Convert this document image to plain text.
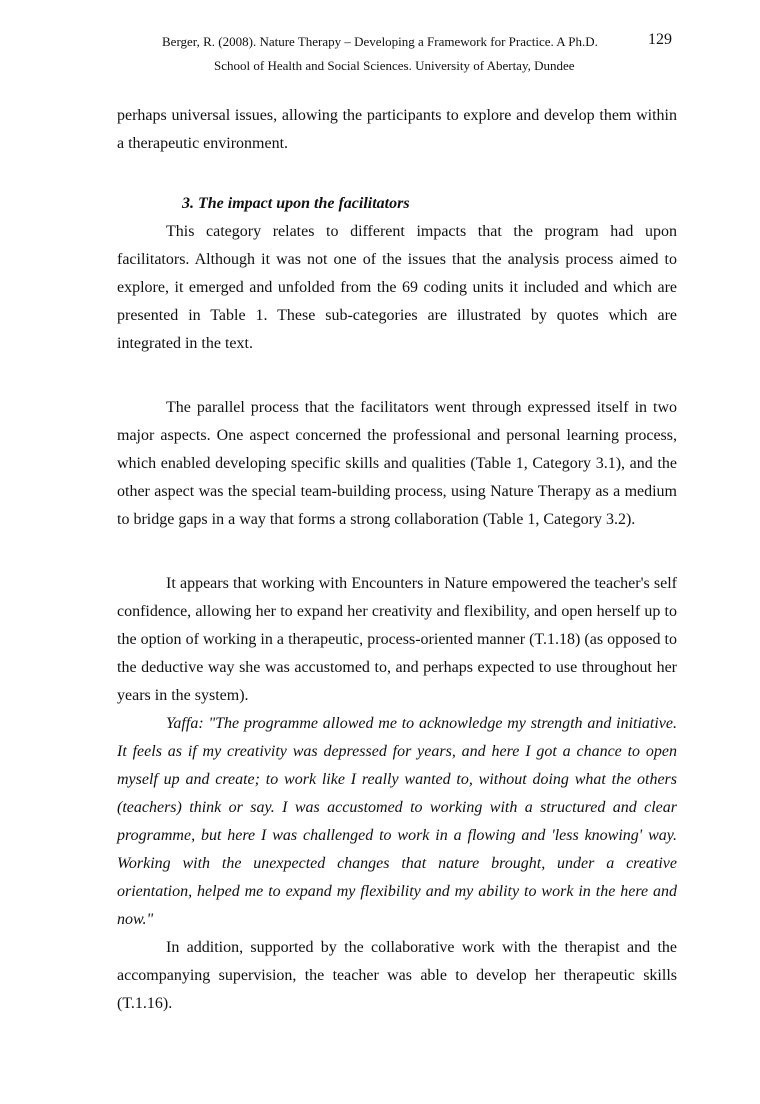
Berger, R. (2008). Nature Therapy – Developing a Framework for Practice. A Ph.D.	129
School of Health and Social Sciences. University of Abertay, Dundee

perhaps universal issues, allowing the participants to explore and develop them within a therapeutic environment.

3. The impact upon the facilitators

This category relates to different impacts that the program had upon facilitators. Although it was not one of the issues that the analysis process aimed to explore, it emerged and unfolded from the 69 coding units it included and which are presented in Table 1. These sub-categories are illustrated by quotes which are integrated in the text.

The parallel process that the facilitators went through expressed itself in two major aspects. One aspect concerned the professional and personal learning process, which enabled developing specific skills and qualities (Table 1, Category 3.1), and the other aspect was the special team-building process, using Nature Therapy as a medium to bridge gaps in a way that forms a strong collaboration (Table 1, Category 3.2).

It appears that working with Encounters in Nature empowered the teacher's self confidence, allowing her to expand her creativity and flexibility, and open herself up to the option of working in a therapeutic, process-oriented manner (T.1.18) (as opposed to the deductive way she was accustomed to, and perhaps expected to use throughout her years in the system).

Yaffa: "The programme allowed me to acknowledge my strength and initiative. It feels as if my creativity was depressed for years, and here I got a chance to open myself up and create; to work like I really wanted to, without doing what the others (teachers) think or say. I was accustomed to working with a structured and clear programme, but here I was challenged to work in a flowing and 'less knowing' way. Working with the unexpected changes that nature brought, under a creative orientation, helped me to expand my flexibility and my ability to work in the here and now."

In addition, supported by the collaborative work with the therapist and the accompanying supervision, the teacher was able to develop her therapeutic skills (T.1.16).
